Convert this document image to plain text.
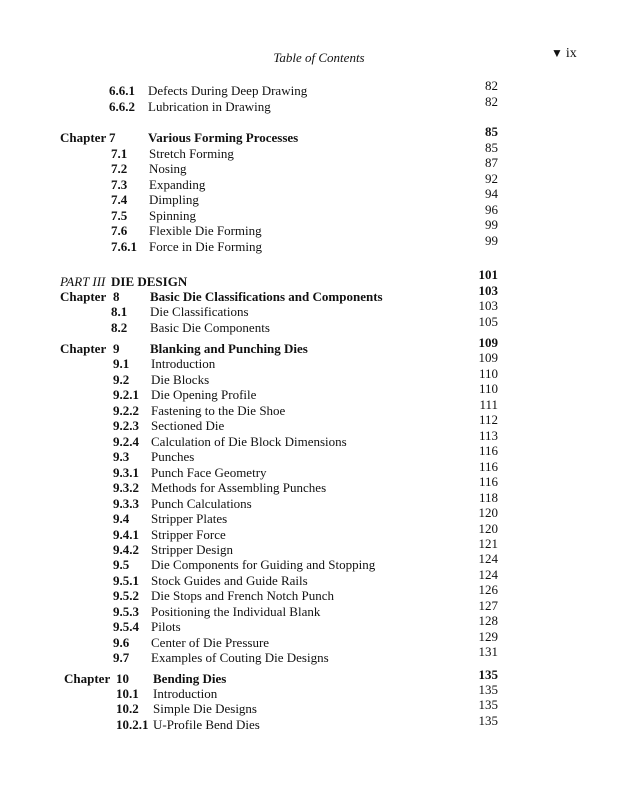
Table of Contents	▼ ix
6.6.1 Defects During Deep Drawing	82
6.6.2 Lubrication in Drawing	82
Chapter 7	Various Forming Processes	85
7.1 Stretch Forming	85
7.2 Nosing	87
7.3 Expanding	92
7.4 Dimpling	94
7.5 Spinning	96
7.6 Flexible Die Forming	99
7.6.1 Force in Die Forming	99
PART III DIE DESIGN	101
Chapter 8 Basic Die Classifications and Components	103
8.1 Die Classifications	103
8.2 Basic Die Components	105
Chapter 9 Blanking and Punching Dies	109
9.1 Introduction	109
9.2 Die Blocks	110
9.2.1 Die Opening Profile	110
9.2.2 Fastening to the Die Shoe	111
9.2.3 Sectioned Die	112
9.2.4 Calculation of Die Block Dimensions	113
9.3 Punches	116
9.3.1 Punch Face Geometry	116
9.3.2 Methods for Assembling Punches	116
9.3.3 Punch Calculations	118
9.4 Stripper Plates	120
9.4.1 Stripper Force	120
9.4.2 Stripper Design	121
9.5 Die Components for Guiding and Stopping	124
9.5.1 Stock Guides and Guide Rails	124
9.5.2 Die Stops and French Notch Punch	126
9.5.3 Positioning the Individual Blank	127
9.5.4 Pilots	128
9.6 Center of Die Pressure	129
9.7 Examples of Couting Die Designs	131
Chapter 10 Bending Dies	135
10.1 Introduction	135
10.2 Simple Die Designs	135
10.2.1 U-Profile Bend Dies	135
